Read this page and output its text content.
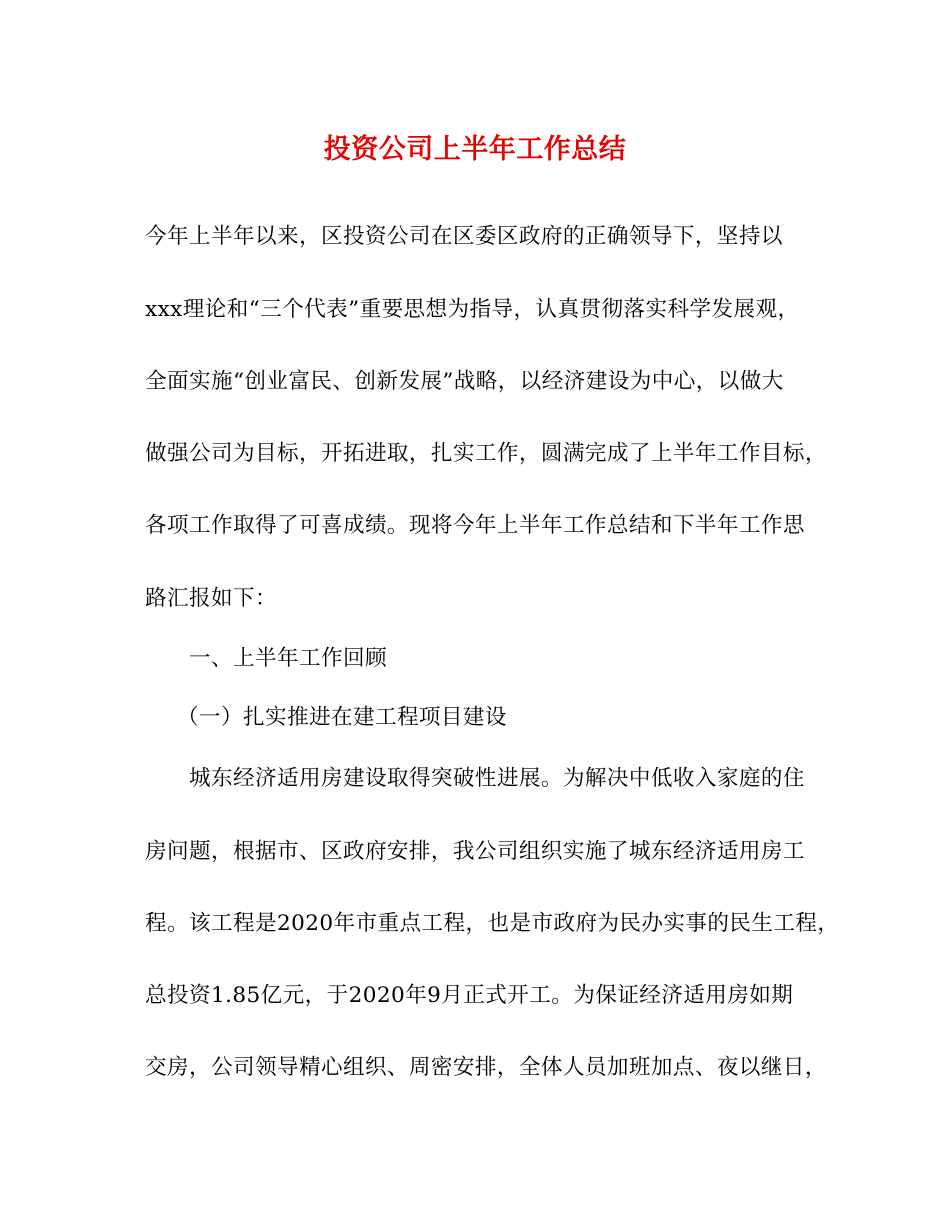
投资公司上半年工作总结
今年上半年以来，区投资公司在区委区政府的正确领导下，坚持以
xxx理论和“三个代表”重要思想为指导，认真贯彻落实科学发展观，
全面实施“创业富民、创新发展”战略，以经济建设为中心，以做大
做强公司为目标，开拓进取，扎实工作，圆满完成了上半年工作目标，
各项工作取得了可喜成绩。现将今年上半年工作总结和下半年工作思
路汇报如下：
一、上半年工作回顾
（一）扎实推进在建工程项目建设
城东经济适用房建设取得突破性进展。为解决中低收入家庭的住
房问题，根据市、区政府安排，我公司组织实施了城东经济适用房工
程。该工程是2020年市重点工程，也是市政府为民办实事的民生工程，
总投资1.85亿元，于2020年9月正式开工。为保证经济适用房如期
交房，公司领导精心组织、周密安排，全体人员加班加点、夜以继日，
